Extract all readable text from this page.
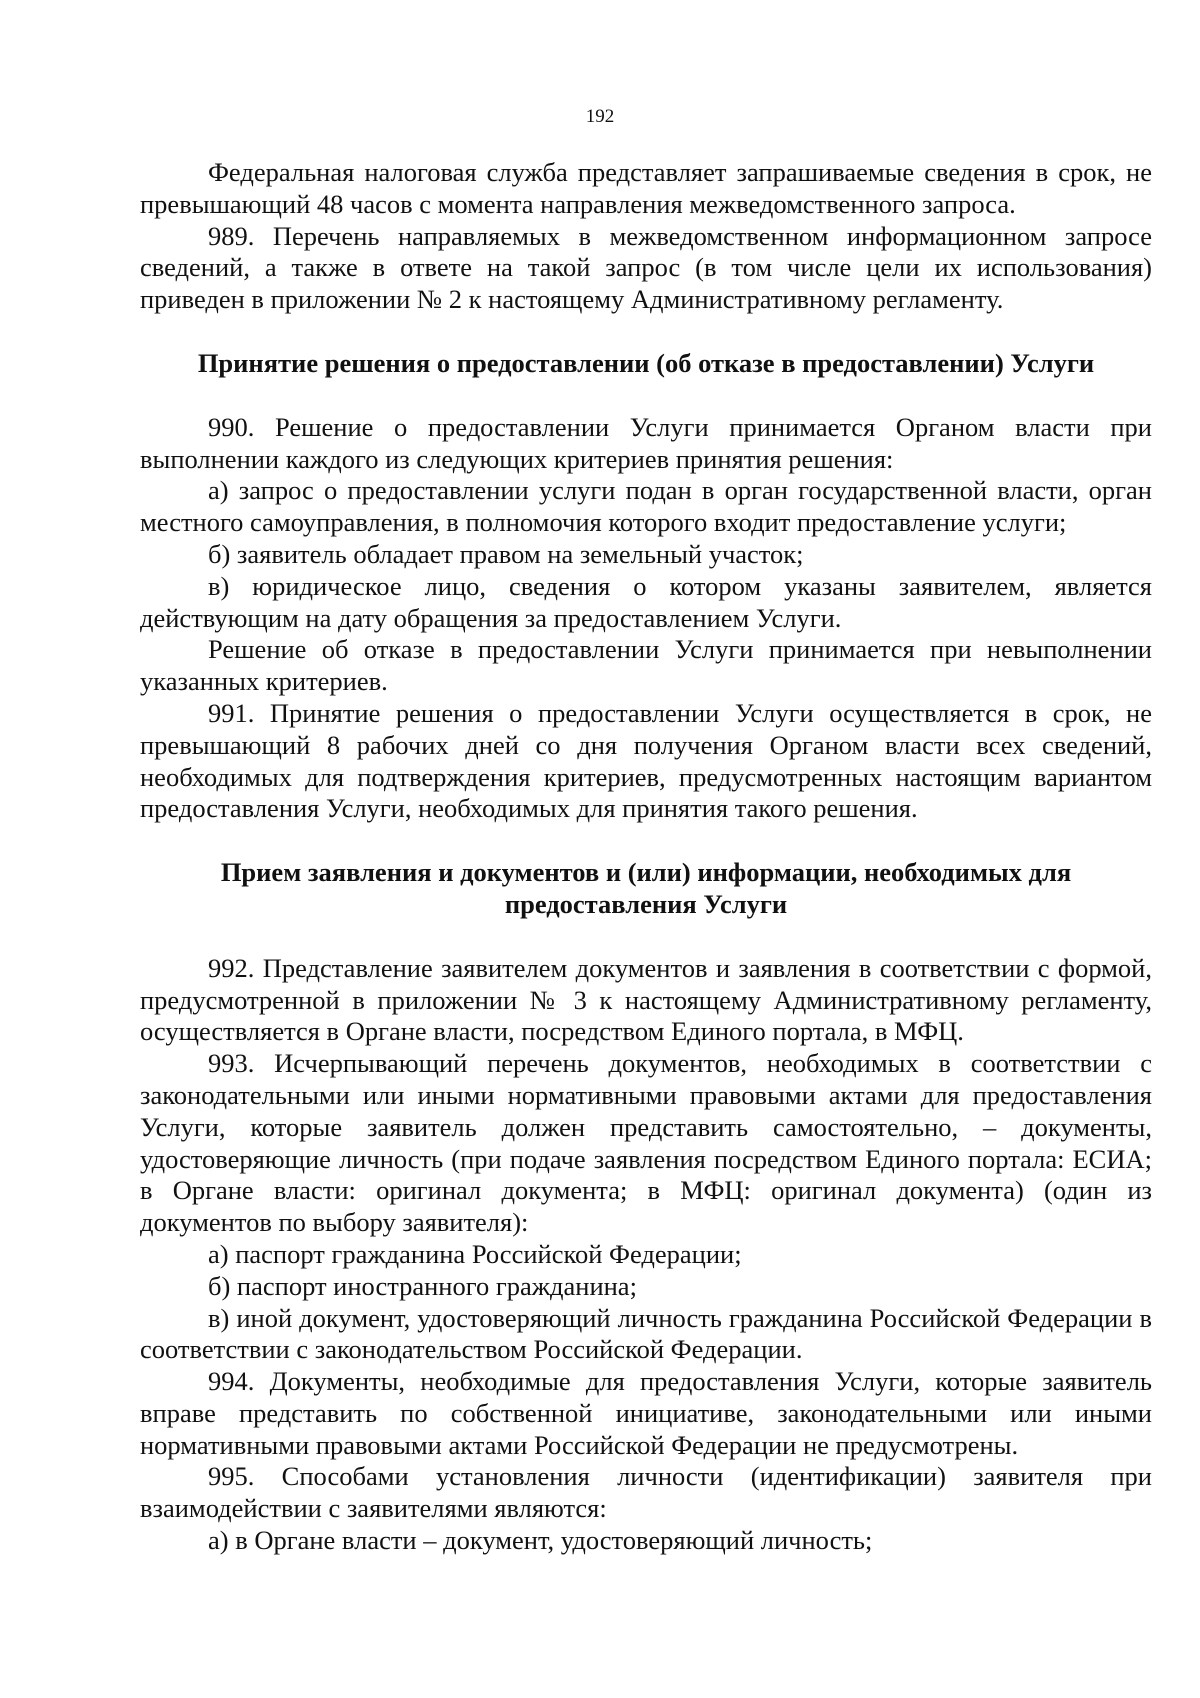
192

Федеральная налоговая служба представляет запрашиваемые сведения в срок, не превышающий 48 часов с момента направления межведомственного запроса.

989. Перечень направляемых в межведомственном информационном запросе сведений, а также в ответе на такой запрос (в том числе цели их использования) приведен в приложении № 2 к настоящему Административному регламенту.

Принятие решения о предоставлении (об отказе в предоставлении) Услуги

990. Решение о предоставлении Услуги принимается Органом власти при выполнении каждого из следующих критериев принятия решения:

а) запрос о предоставлении услуги подан в орган государственной власти, орган местного самоуправления, в полномочия которого входит предоставление услуги;

б) заявитель обладает правом на земельный участок;

в) юридическое лицо, сведения о котором указаны заявителем, является действующим на дату обращения за предоставлением Услуги.

Решение об отказе в предоставлении Услуги принимается при невыполнении указанных критериев.

991. Принятие решения о предоставлении Услуги осуществляется в срок, не превышающий 8 рабочих дней со дня получения Органом власти всех сведений, необходимых для подтверждения критериев, предусмотренных настоящим вариантом предоставления Услуги, необходимых для принятия такого решения.

Прием заявления и документов и (или) информации, необходимых для
предоставления Услуги

992. Представление заявителем документов и заявления в соответствии с формой, предусмотренной в приложении № 3 к настоящему Административному регламенту, осуществляется в Органе власти, посредством Единого портала, в МФЦ.

993. Исчерпывающий перечень документов, необходимых в соответствии с законодательными или иными нормативными правовыми актами для предоставления Услуги, которые заявитель должен представить самостоятельно, – документы, удостоверяющие личность (при подаче заявления посредством Единого портала: ЕСИА; в Органе власти: оригинал документа; в МФЦ: оригинал документа) (один из документов по выбору заявителя):

а) паспорт гражданина Российской Федерации;

б) паспорт иностранного гражданина;

в) иной документ, удостоверяющий личность гражданина Российской Федерации в соответствии с законодательством Российской Федерации.

994. Документы, необходимые для предоставления Услуги, которые заявитель вправе представить по собственной инициативе, законодательными или иными нормативными правовыми актами Российской Федерации не предусмотрены.

995. Способами установления личности (идентификации) заявителя при взаимодействии с заявителями являются:

а) в Органе власти – документ, удостоверяющий личность;
